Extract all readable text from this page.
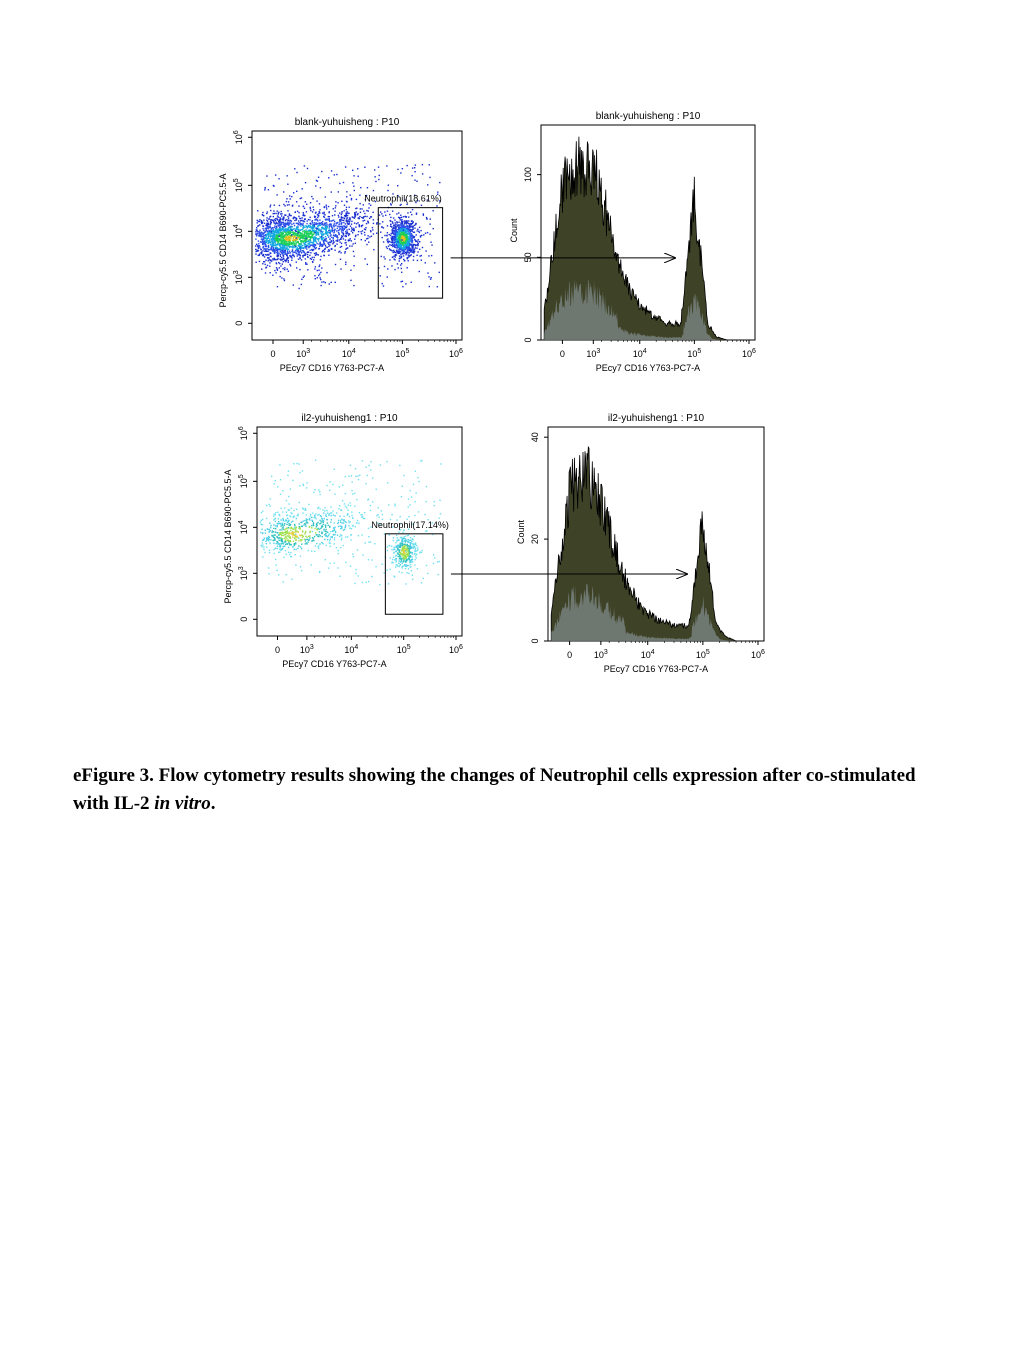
blank-yuhuisheng : P10
0 $10^3$	$10^4$	$10^5$	$10^6$
PEcy7 CD16 Y763-PC7-A
0
$10^3$
$10^4$
$10^5$
$10^6$
Percp-cy5.5 CD14 B690-PC5.5-A	Neutrophil(18.61%)
blank-yuhuisheng : P10
0 $10^3$	$10^4$	$10^5$	$10^6$
PEcy7 CD16 Y763-PC7-A
0
50
100
Count
il2-yuhuisheng1 : P10
0 $10^3$	$10^4$	$10^5$	$10^6$
PEcy7 CD16 Y763-PC7-A
0
$10^3$
$10^4$
$10^5$
$10^6$
Percp-cy5.5 CD14 B690-PC5.5-A	Neutrophil(17.14%)
il2-yuhuisheng1 : P10
0 $10^3$	$10^4$	$10^5$	$10^6$
PEcy7 CD16 Y763-PC7-A
0
20
40
Count
eFigure 3. Flow cytometry results showing the changes of Neutrophil cells expression after co-stimulated with IL-2 in vitro.
